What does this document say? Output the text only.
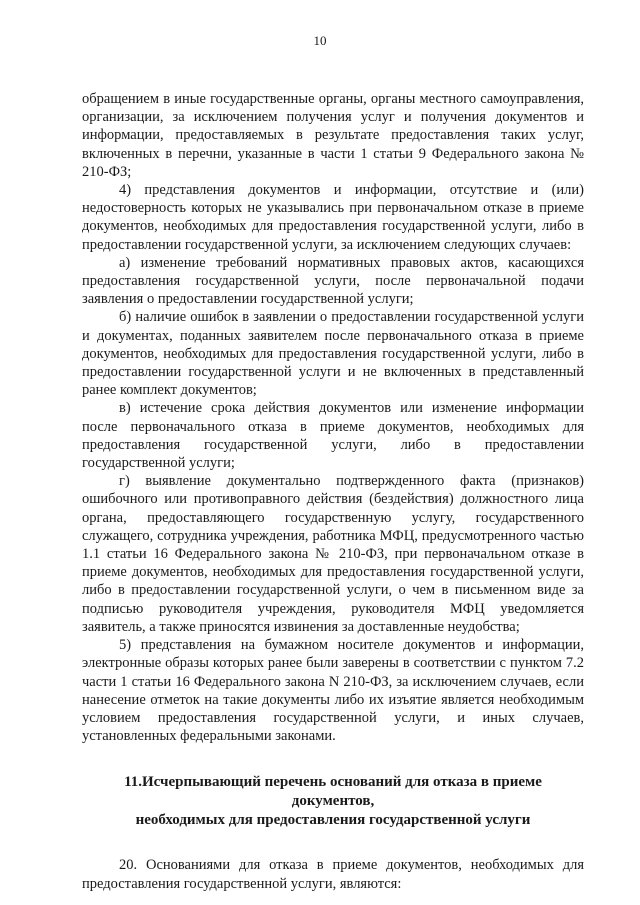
10

обращением в иные государственные органы, органы местного самоуправления, организации, за исключением получения услуг и получения документов и информации, предоставляемых в результате предоставления таких услуг, включенных в перечни, указанные в части 1 статьи 9 Федерального закона № 210-ФЗ;

4) представления документов и информации, отсутствие и (или) недостоверность которых не указывались при первоначальном отказе в приеме документов, необходимых для предоставления государственной услуги, либо в предоставлении государственной услуги, за исключением следующих случаев:

а) изменение требований нормативных правовых актов, касающихся предоставления государственной услуги, после первоначальной подачи заявления о предоставлении государственной услуги;

б) наличие ошибок в заявлении о предоставлении государственной услуги и документах, поданных заявителем после первоначального отказа в приеме документов, необходимых для предоставления государственной услуги, либо в предоставлении государственной услуги и не включенных в представленный ранее комплект документов;

в) истечение срока действия документов или изменение информации после первоначального отказа в приеме документов, необходимых для предоставления государственной услуги, либо в предоставлении государственной услуги;

г) выявление документально подтвержденного факта (признаков) ошибочного или противоправного действия (бездействия) должностного лица органа, предоставляющего государственную услугу, государственного служащего, сотрудника учреждения, работника МФЦ, предусмотренного частью 1.1 статьи 16 Федерального закона № 210-ФЗ, при первоначальном отказе в приеме документов, необходимых для предоставления государственной услуги, либо в предоставлении государственной услуги, о чем в письменном виде за подписью руководителя учреждения, руководителя МФЦ уведомляется заявитель, а также приносятся извинения за доставленные неудобства;

5) представления на бумажном носителе документов и информации, электронные образы которых ранее были заверены в соответствии с пунктом 7.2 части 1 статьи 16 Федерального закона N 210-ФЗ, за исключением случаев, если нанесение отметок на такие документы либо их изъятие является необходимым условием предоставления государственной услуги, и иных случаев, установленных федеральными законами.

11.Исчерпывающий перечень оснований для отказа в приеме документов,
необходимых для предоставления государственной услуги

20. Основаниями для отказа в приеме документов, необходимых для предоставления государственной услуги, являются:
